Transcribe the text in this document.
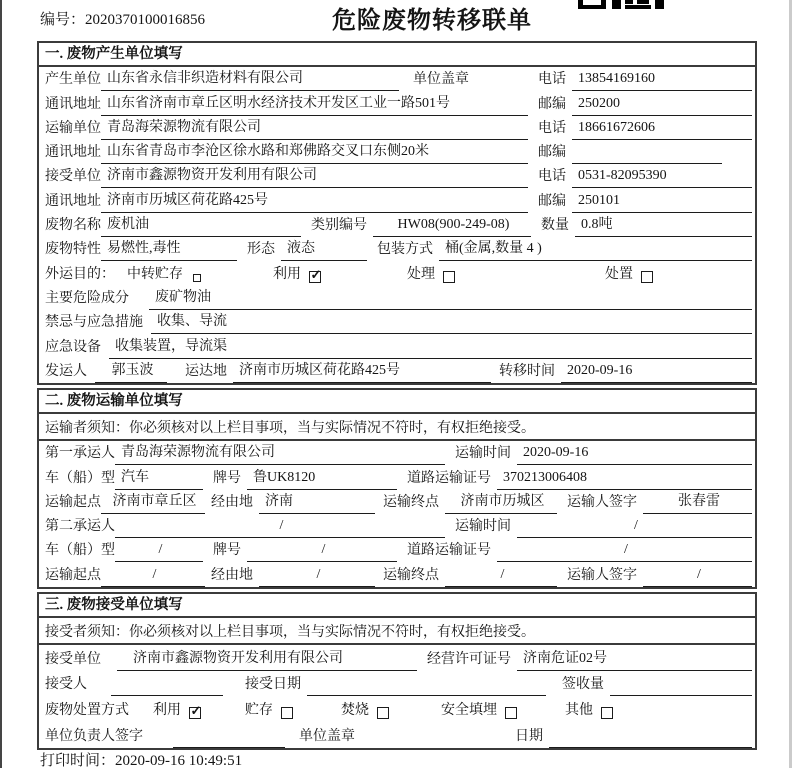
编号：2020370100016856	危险废物转移联单
一. 废物产生单位填写
产生单位 山东省永信非织造材料有限公司	单位盖章	电话 13854169160
通讯地址 山东省济南市章丘区明水经济技术开发区工业一路501号	邮编 250200
运输单位 青岛海荣源物流有限公司	电话 18661672606
通讯地址 山东省青岛市李沧区徐水路和郑佛路交叉口东侧20米	邮编
接受单位 济南市鑫源物资开发利用有限公司	电话 0531-82095390
通讯地址 济南市历城区荷花路425号	邮编 250101
废物名称 废机油	类别编号	HW08(900-249-08)	数量 0.8吨
废物特性 易燃性,毒性	形态 液态	包装方式 桶(金属,数量 4 )
外运目的： 中转贮存	利用 ✓	处理	处置
主要危险成分	废矿物油
禁忌与应急措施	收集、导流
应急设备	收集装置，导流渠
发运人	郭玉波	运达地 济南市历城区荷花路425号	转移时间 2020-09-16
二. 废物运输单位填写
运输者须知：你必须核对以上栏目事项，当与实际情况不符时，有权拒绝接受。
第一承运人 青岛海荣源物流有限公司	运输时间 2020-09-16
车（船）型 汽车	牌号 鲁UK8120	道路运输证号 370213006408
运输起点 济南市章丘区	经由地 济南	运输终点	济南市历城区	运输人签字	张春雷
第二承运人	/	运输时间	/
车（船）型	/	牌号	/	道路运输证号	/
运输起点	/	经由地	/	运输终点	/	运输人签字	/
三. 废物接受单位填写
接受者须知：你必须核对以上栏目事项，当与实际情况不符时，有权拒绝接受。
接受单位	济南市鑫源物资开发利用有限公司	经营许可证号 济南危证02号
接受人	接受日期	签收量
废物处置方式 利用 ✓	贮存	焚烧	安全填埋	其他
单位负责人签字	单位盖章	日期
打印时间：2020-09-16 10:49:51
